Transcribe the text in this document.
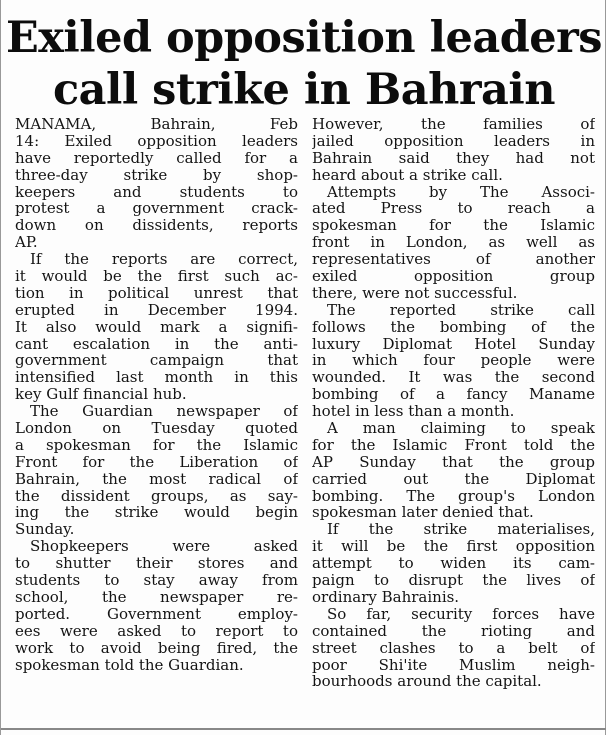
Exiled opposition leaders
call strike in Bahrain
MANAMA, Bahrain, Feb
14: Exiled opposition leaders
have reportedly called for a
three-day strike by shop-
keepers and students to
protest a government crack-
down on dissidents, reports
AP.
If the reports are correct,
it would be the first such ac-
tion in political unrest that
erupted in December 1994.
It also would mark a signifi-
cant escalation in the anti-
government campaign that
intensified last month in this
key Gulf financial hub.
The Guardian newspaper of
London on Tuesday quoted
a spokesman for the Islamic
Front for the Liberation of
Bahrain, the most radical of
the dissident groups, as say-
ing the strike would begin
Sunday.
Shopkeepers were asked
to shutter their stores and
students to stay away from
school, the newspaper re-
ported. Government employ-
ees were asked to report to
work to avoid being fired, the
spokesman told the Guardian.
However, the families of
jailed opposition leaders in
Bahrain said they had not
heard about a strike call.
Attempts by The Associ-
ated Press to reach a
spokesman for the Islamic
front in London, as well as
representatives of another
exiled opposition group
there, were not successful.
The reported strike call
follows the bombing of the
luxury Diplomat Hotel Sunday
in which four people were
wounded. It was the second
bombing of a fancy Maname
hotel in less than a month.
A man claiming to speak
for the Islamic Front told the
AP Sunday that the group
carried out the Diplomat
bombing. The group's London
spokesman later denied that.
If the strike materialises,
it will be the first opposition
attempt to widen its cam-
paign to disrupt the lives of
ordinary Bahrainis.
So far, security forces have
contained the rioting and
street clashes to a belt of
poor Shi'ite Muslim neigh-
bourhoods around the capital.
